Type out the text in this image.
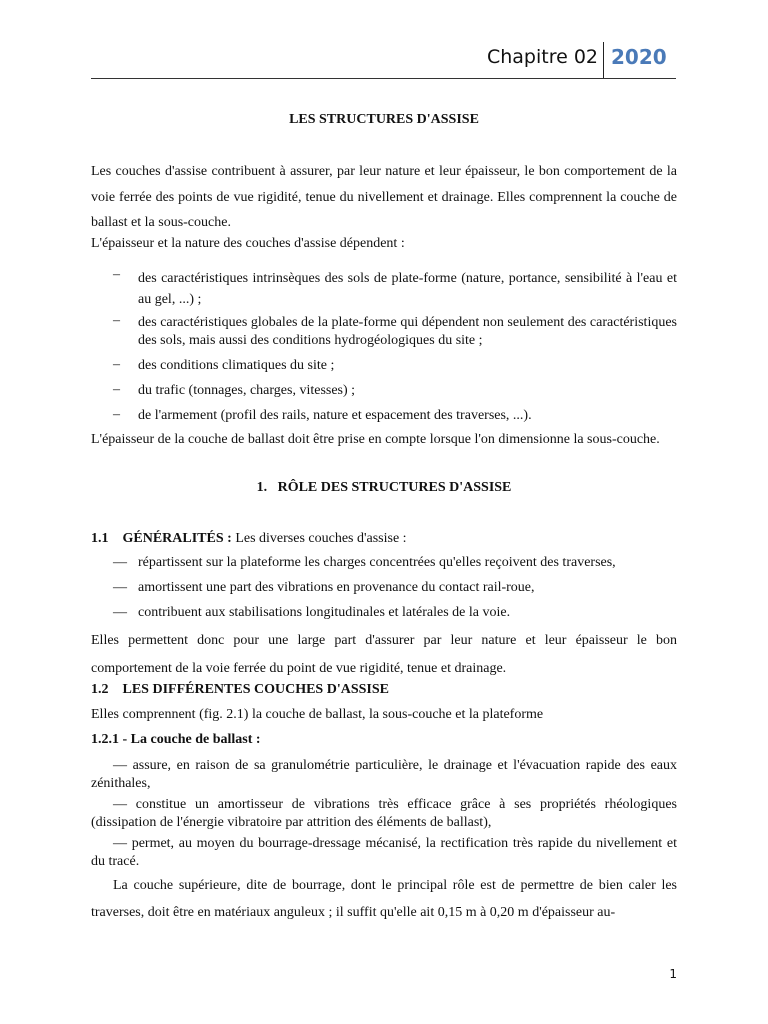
Chapitre 02 2020
LES STRUCTURES D'ASSISE
Les couches d'assise contribuent à assurer, par leur nature et leur épaisseur, le bon comportement de la voie ferrée des points de vue rigidité, tenue du nivellement et drainage. Elles comprennent la couche de ballast et la sous-couche.
L'épaisseur et la nature des couches d'assise dépendent :
– des caractéristiques intrinsèques des sols de plate-forme (nature, portance, sensibilité à l'eau et au gel, ...) ;
– des caractéristiques globales de la plate-forme qui dépendent non seulement des caractéristiques des sols, mais aussi des conditions hydrogéologiques du site ;
– des conditions climatiques du site ;
– du trafic (tonnages, charges, vitesses) ;
– de l'armement (profil des rails, nature et espacement des traverses, ...).
L'épaisseur de la couche de ballast doit être prise en compte lorsque l'on dimensionne la sous-couche.
1. RÔLE DES STRUCTURES D'ASSISE
1.1 GÉNÉRALITÉS : Les diverses couches d'assise :
— répartissent sur la plateforme les charges concentrées qu'elles reçoivent des traverses,
— amortissent une part des vibrations en provenance du contact rail-roue,
— contribuent aux stabilisations longitudinales et latérales de la voie.
Elles permettent donc pour une large part d'assurer par leur nature et leur épaisseur le bon comportement de la voie ferrée du point de vue rigidité, tenue et drainage.
1.2 LES DIFFÉRENTES COUCHES D'ASSISE
Elles comprennent (fig. 2.1) la couche de ballast, la sous-couche et la plateforme
1.2.1 - La couche de ballast :
— assure, en raison de sa granulométrie particulière, le drainage et l'évacuation rapide des eaux zénithales,
— constitue un amortisseur de vibrations très efficace grâce à ses propriétés rhéologiques (dissipation de l'énergie vibratoire par attrition des éléments de ballast),
— permet, au moyen du bourrage-dressage mécanisé, la rectification très rapide du nivellement et du tracé.
La couche supérieure, dite de bourrage, dont le principal rôle est de permettre de bien caler les traverses, doit être en matériaux anguleux ; il suffit qu'elle ait 0,15 m à 0,20 m d'épaisseur au-
1
